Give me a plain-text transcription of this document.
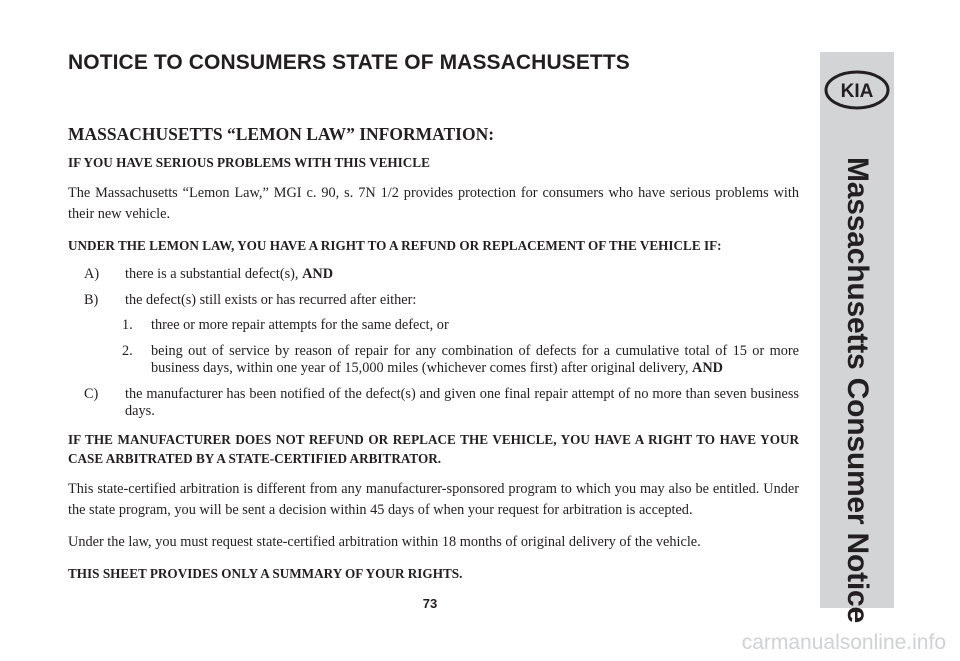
NOTICE TO CONSUMERS STATE OF MASSACHUSETTS
KIA
Massachusetts Consumer Notice
MASSACHUSETTS “LEMON LAW” INFORMATION:
IF YOU HAVE SERIOUS PROBLEMS WITH THIS VEHICLE
The Massachusetts “Lemon Law,” MGI c. 90, s. 7N 1/2 provides protection for consumers who have serious problems with their new vehicle.
UNDER THE LEMON LAW, YOU HAVE A RIGHT TO A REFUND OR REPLACEMENT OF THE VEHICLE IF:
A) there is a substantial defect(s), AND
B) the defect(s) still exists or has recurred after either:
1. three or more repair attempts for the same defect, or
2. being out of service by reason of repair for any combination of defects for a cumulative total of 15 or more business days, within one year of 15,000 miles (whichever comes first) after original delivery, AND
C) the manufacturer has been notified of the defect(s) and given one final repair attempt of no more than seven business days.
IF THE MANUFACTURER DOES NOT REFUND OR REPLACE THE VEHICLE, YOU HAVE A RIGHT TO HAVE YOUR CASE ARBITRATED BY A STATE-CERTIFIED ARBITRATOR.
This state-certified arbitration is different from any manufacturer-sponsored program to which you may also be entitled. Under the state program, you will be sent a decision within 45 days of when your request for arbitration is accepted.
Under the law, you must request state-certified arbitration within 18 months of original delivery of the vehicle.
THIS SHEET PROVIDES ONLY A SUMMARY OF YOUR RIGHTS.
73
carmanualsonline.info
